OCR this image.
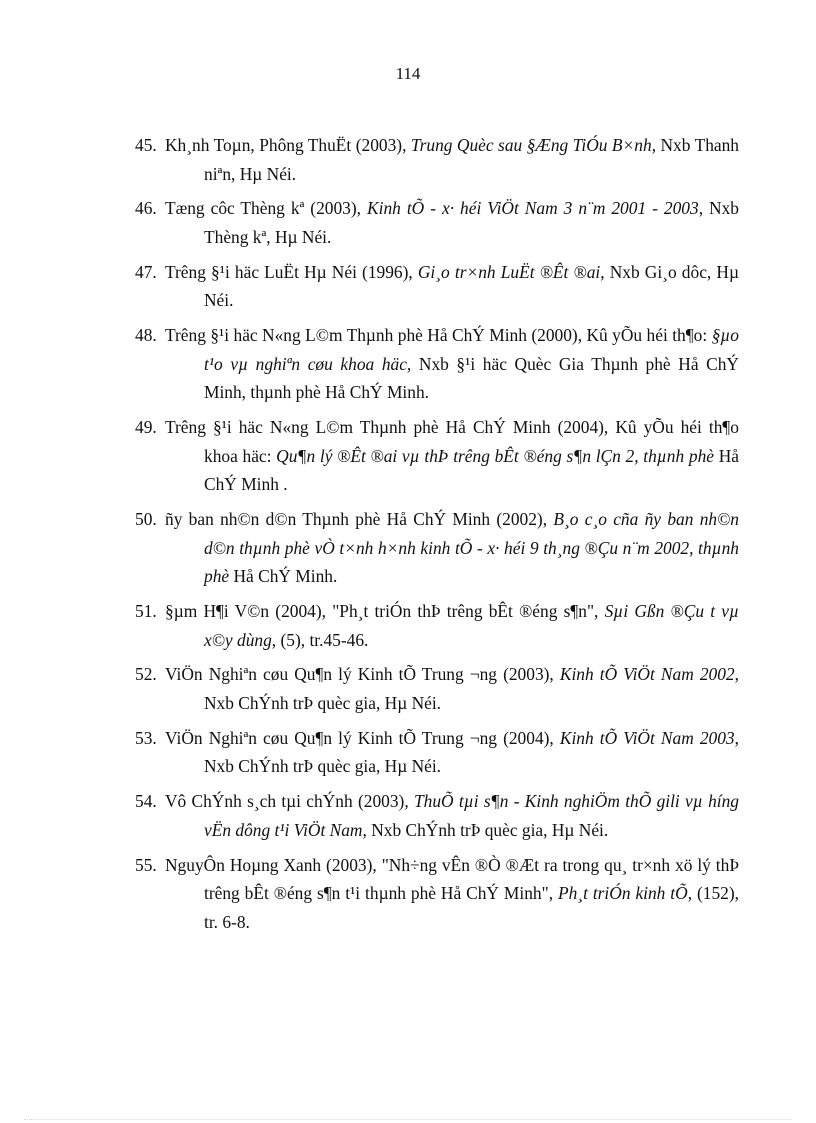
114
45. Kh¸nh Toµn, Phông ThuËt (2003), Trung Quèc sau §Æng TiÓu B×nh, Nxb Thanh niªn, Hµ Néi.
46. Tæng côc Thèng kª (2003), Kinh tÕ - x· héi ViÖt Nam 3 n¨m 2001 - 2003, Nxb Thèng kª, Hµ Néi.
47. Trêng §¹i häc LuËt Hµ Néi (1996), Gi¸o tr×nh LuËt ®Êt ®ai, Nxb Gi¸o dôc, Hµ Néi.
48. Trêng §¹i häc N«ng L©m Thµnh phè Hå ChÝ Minh (2000), Kû yÕu héi th¶o: §µo t¹o vµ nghiªn cøu khoa häc, Nxb §¹i häc Quèc Gia Thµnh phè Hå ChÝ Minh, thµnh phè Hå ChÝ Minh.
49. Trêng §¹i häc N«ng L©m Thµnh phè Hå ChÝ Minh (2004), Kû yÕu héi th¶o khoa häc: Qu¶n lý ®Êt ®ai vµ thÞ trêng bÊt ®éng s¶n lÇn 2, thµnh phè Hå ChÝ Minh .
50. ñy ban nh©n d©n Thµnh phè Hå ChÝ Minh (2002), B¸o c¸o cña ñy ban nh©n d©n thµnh phè vÒ t×nh h×nh kinh tÕ - x· héi 9 th¸ng ®Çu n¨m 2002, thµnh phè Hå ChÝ Minh.
51. §µm H¶i V©n (2004), "Ph¸t triÓn thÞ trêng bÊt ®éng s¶n", Sµi Gßn ®Çu t vµ x©y dùng, (5), tr.45-46.
52. ViÖn Nghiªn cøu Qu¶n lý Kinh tÕ Trung ¬ng (2003), Kinh tÕ ViÖt Nam 2002, Nxb ChÝnh trÞ quèc gia, Hµ Néi.
53. ViÖn Nghiªn cøu Qu¶n lý Kinh tÕ Trung ¬ng (2004), Kinh tÕ ViÖt Nam 2003, Nxb ChÝnh trÞ quèc gia, Hµ Néi.
54. Vô ChÝnh s¸ch tµi chÝnh (2003), ThuÕ tµi s¶n - Kinh nghiÖm thÕ gili vµ híng vËn dông t¹i ViÖt Nam, Nxb ChÝnh trÞ quèc gia, Hµ Néi.
55. NguyÔn Hoµng Xanh (2003), "Nh÷ng vÊn ®Ò ®Æt ra trong qu¸ tr×nh xö lý thÞ trêng bÊt ®éng s¶n t¹i thµnh phè Hå ChÝ Minh", Ph¸t triÓn kinh tÕ, (152), tr. 6-8.
